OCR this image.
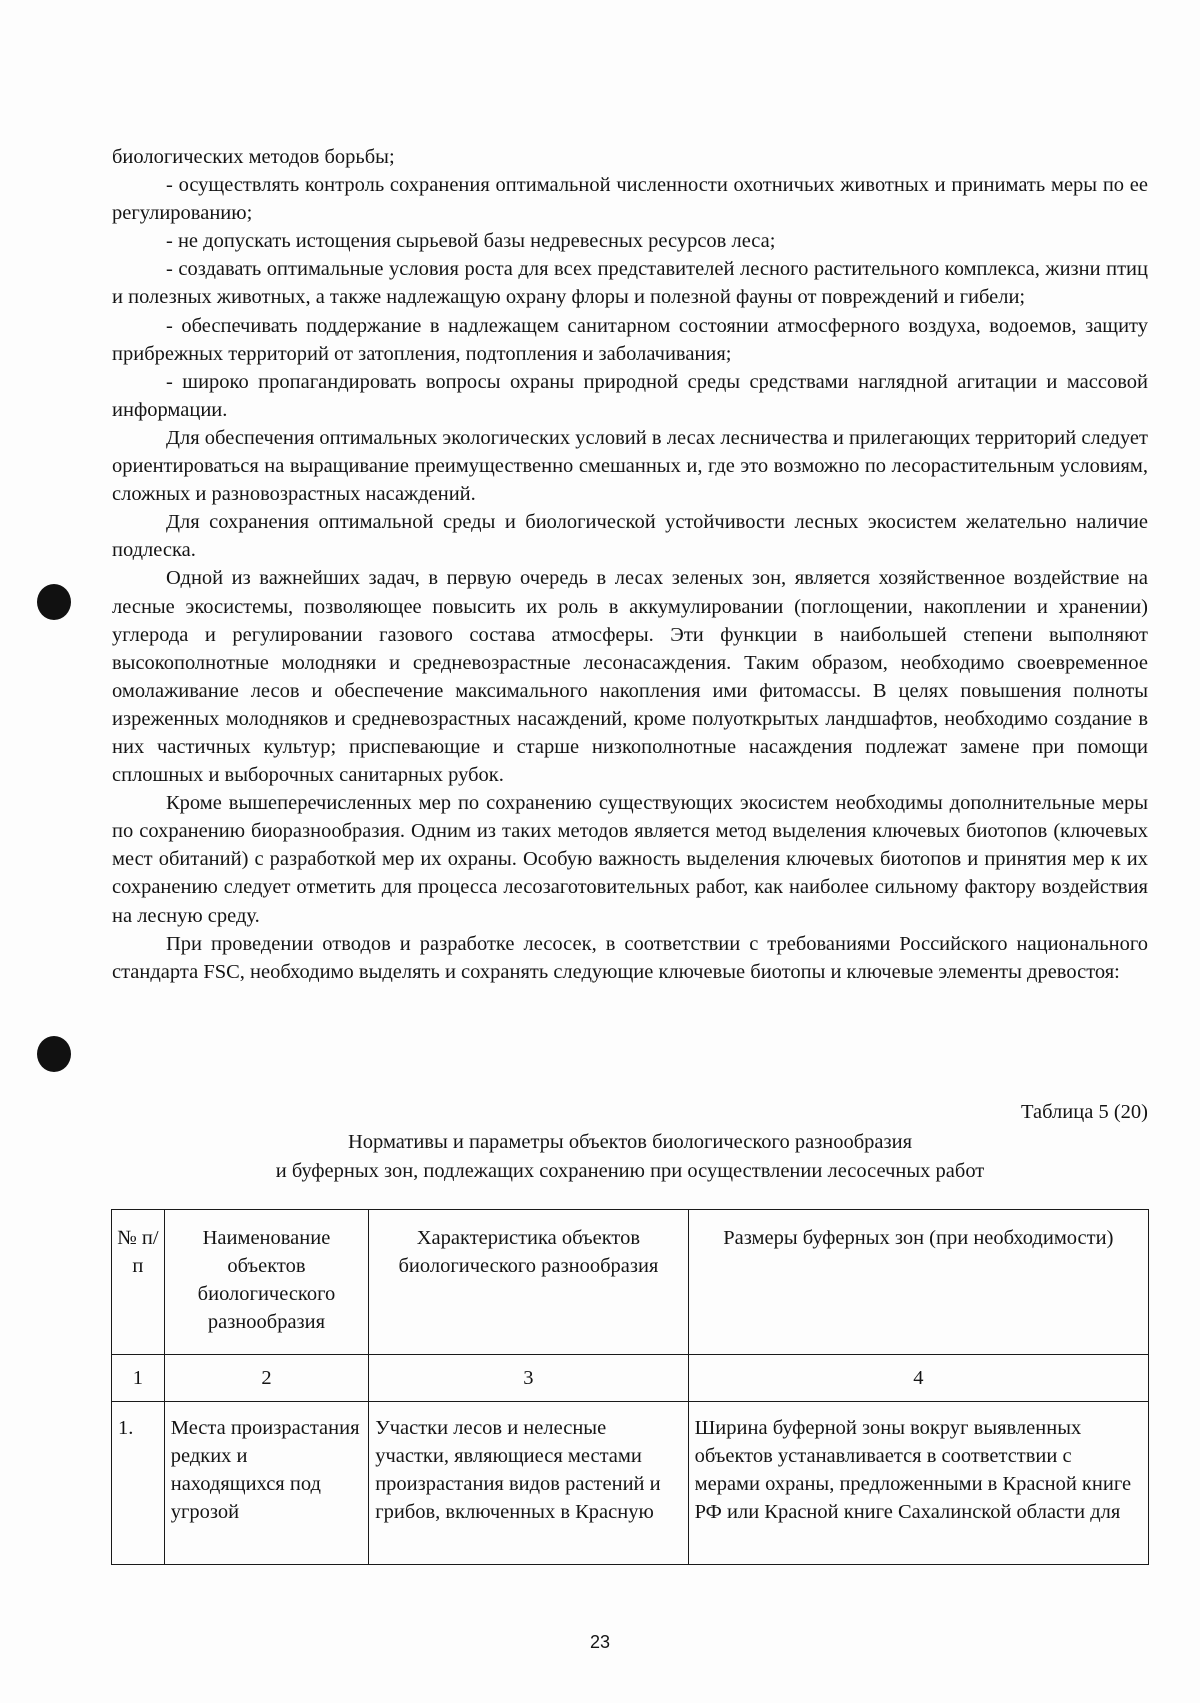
биологических методов борьбы;

- осуществлять контроль сохранения оптимальной численности охотничьих животных и принимать меры по ее регулированию;

- не допускать истощения сырьевой базы недревесных ресурсов леса;

- создавать оптимальные условия роста для всех представителей лесного растительного комплекса, жизни птиц и полезных животных, а также надлежащую охрану флоры и полезной фауны от повреждений и гибели;

- обеспечивать поддержание в надлежащем санитарном состоянии атмосферного воздуха, водоемов, защиту прибрежных территорий от затопления, подтопления и заболачивания;

- широко пропагандировать вопросы охраны природной среды средствами наглядной агитации и массовой информации.

Для обеспечения оптимальных экологических условий в лесах лесничества и прилегающих территорий следует ориентироваться на выращивание преимущественно смешанных и, где это возможно по лесорастительным условиям, сложных и разновозрастных насаждений.

Для сохранения оптимальной среды и биологической устойчивости лесных экосистем желательно наличие подлеска.

Одной из важнейших задач, в первую очередь в лесах зеленых зон, является хозяйственное воздействие на лесные экосистемы, позволяющее повысить их роль в аккумулировании (поглощении, накоплении и хранении) углерода и регулировании газового состава атмосферы. Эти функции в наибольшей степени выполняют высокополнотные молодняки и средневозрастные лесонасаждения. Таким образом, необходимо своевременное омолаживание лесов и обеспечение максимального накопления ими фитомассы. В целях повышения полноты изреженных молодняков и средневозрастных насаждений, кроме полуоткрытых ландшафтов, необходимо создание в них частичных культур; приспевающие и старше низкополнотные насаждения подлежат замене при помощи сплошных и выборочных санитарных рубок.

Кроме вышеперечисленных мер по сохранению существующих экосистем необходимы дополнительные меры по сохранению биоразнообразия. Одним из таких методов является метод выделения ключевых биотопов (ключевых мест обитаний) с разработкой мер их охраны. Особую важность выделения ключевых биотопов и принятия мер к их сохранению следует отметить для процесса лесозаготовительных работ, как наиболее сильному фактору воздействия на лесную среду.

При проведении отводов и разработке лесосек, в соответствии с требованиями Российского национального стандарта FSC, необходимо выделять и сохранять следующие ключевые биотопы и ключевые элементы древостоя:

Таблица 5 (20)
Нормативы и параметры объектов биологического разнообразия
и буферных зон, подлежащих сохранению при осуществлении лесосечных работ
№ п/п	Наименование объектов биологического разнообразия	Характеристика объектов биологического разнообразия	Размеры буферных зон (при необходимости)
1	2	3	4
1.	Места произрастания редких и находящихся под угрозой	Участки лесов и нелесные участки, являющиеся местами произрастания видов растений и грибов, включенных в Красную	Ширина буферной зоны вокруг выявленных объектов устанавливается в соответствии с мерами охраны, предложенными в Красной книге РФ или Красной книге Сахалинской области для
23
